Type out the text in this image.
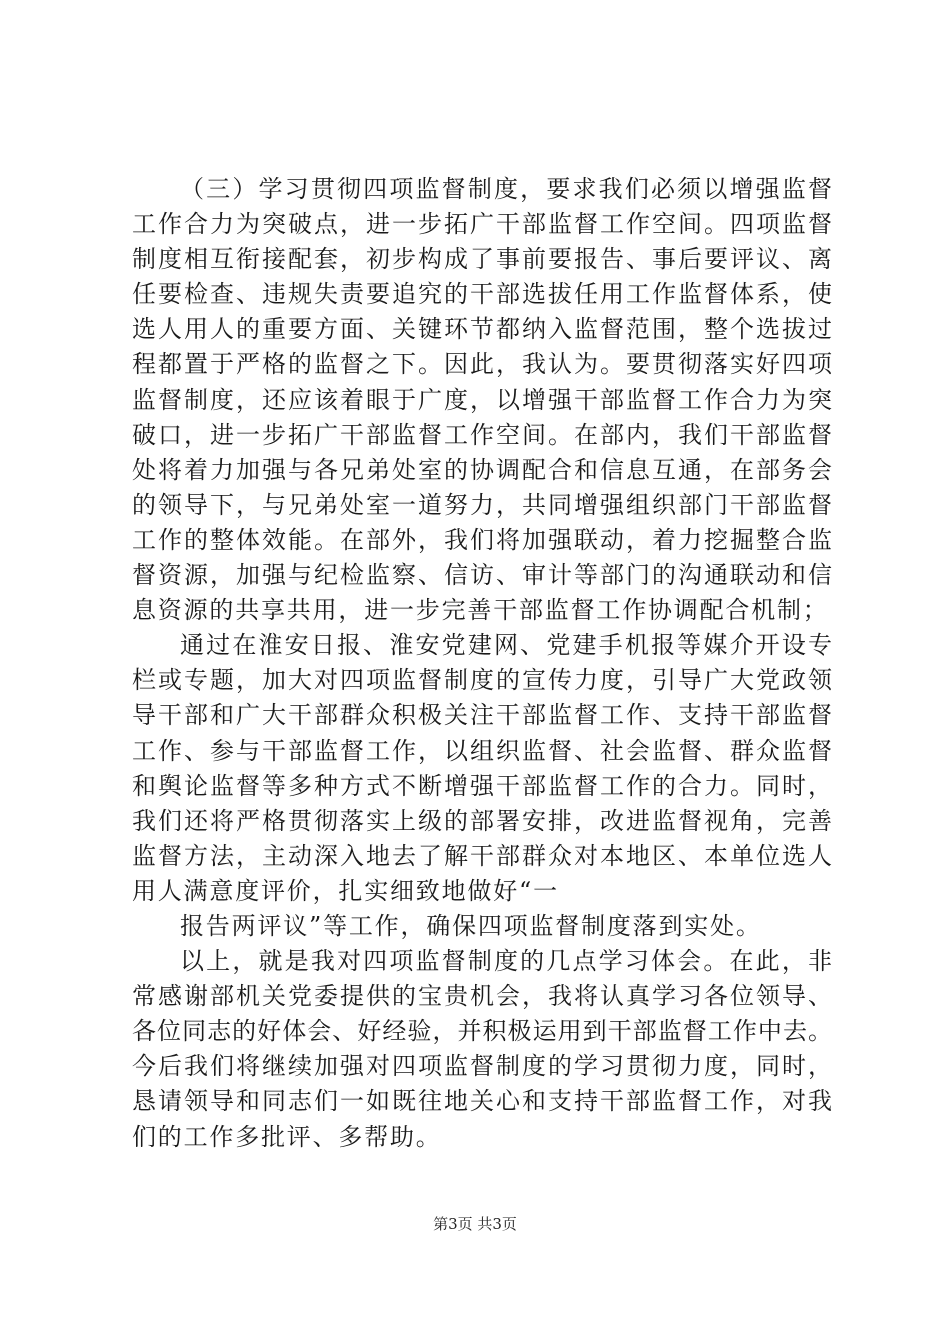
（三）学习贯彻四项监督制度，要求我们必须以增强监督
工作合力为突破点，进一步拓广干部监督工作空间。四项监督
制度相互衔接配套，初步构成了事前要报告、事后要评议、离
任要检查、违规失责要追究的干部选拔任用工作监督体系，使
选人用人的重要方面、关键环节都纳入监督范围，整个选拔过
程都置于严格的监督之下。因此，我认为。要贯彻落实好四项
监督制度，还应该着眼于广度，以增强干部监督工作合力为突
破口，进一步拓广干部监督工作空间。在部内，我们干部监督
处将着力加强与各兄弟处室的协调配合和信息互通，在部务会
的领导下，与兄弟处室一道努力，共同增强组织部门干部监督
工作的整体效能。在部外，我们将加强联动，着力挖掘整合监
督资源，加强与纪检监察、信访、审计等部门的沟通联动和信
息资源的共享共用，进一步完善干部监督工作协调配合机制；
通过在淮安日报、淮安党建网、党建手机报等媒介开设专
栏或专题，加大对四项监督制度的宣传力度，引导广大党政领
导干部和广大干部群众积极关注干部监督工作、支持干部监督
工作、参与干部监督工作，以组织监督、社会监督、群众监督
和舆论监督等多种方式不断增强干部监督工作的合力。同时，
我们还将严格贯彻落实上级的部署安排，改进监督视角，完善
监督方法，主动深入地去了解干部群众对本地区、本单位选人
用人满意度评价，扎实细致地做好“一
报告两评议”等工作，确保四项监督制度落到实处。
以上，就是我对四项监督制度的几点学习体会。在此，非
常感谢部机关党委提供的宝贵机会，我将认真学习各位领导、
各位同志的好体会、好经验，并积极运用到干部监督工作中去。
今后我们将继续加强对四项监督制度的学习贯彻力度，同时，
恳请领导和同志们一如既往地关心和支持干部监督工作，对我
们的工作多批评、多帮助。
第3页 共3页
